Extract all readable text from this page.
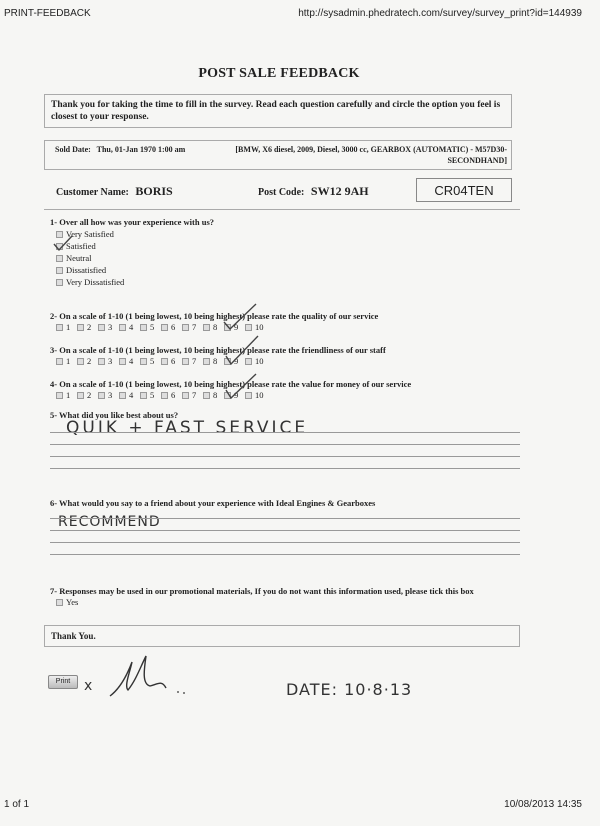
PRINT-FEEDBACK	http://sysadmin.phedratech.com/survey/survey_print?id=144939
POST SALE FEEDBACK
Thank you for taking the time to fill in the survey. Read each question carefully and circle the option you feel is closest to your response.
Sold Date: Thu, 01-Jan 1970 1:00 am	[BMW, X6 diesel, 2009, Diesel, 3000 cc, GEARBOX (AUTOMATIC) - M57D30-
SECONDHAND]
Customer Name: BORIS	Post Code: SW12 9AH	CR04TEN
1- Over all how was your experience with us?
Very Satisfied
Satisfied
Neutral
Dissatisfied
Very Dissatisfied
2- On a scale of 1-10 (1 being lowest, 10 being highest) please rate the quality of our service
1 2 3 4 5 6 7 8 9 10
3- On a scale of 1-10 (1 being lowest, 10 being highest) please rate the friendliness of our staff
1 2 3 4 5 6 7 8 9 10
4- On a scale of 1-10 (1 being lowest, 10 being highest) please rate the value for money of our service
1 2 3 4 5 6 7 8 9 10
5- What did you like best about us?
QUIK + FAST SERVICE
6- What would you say to a friend about your experience with Ideal Engines & Gearboxes
RECOMMEND
7- Responses may be used in our promotional materials, If you do not want this information used, please tick this box
Yes
Thank You.
Print x	DATE: 10·8·13
1 of 1	10/08/2013 14:35
